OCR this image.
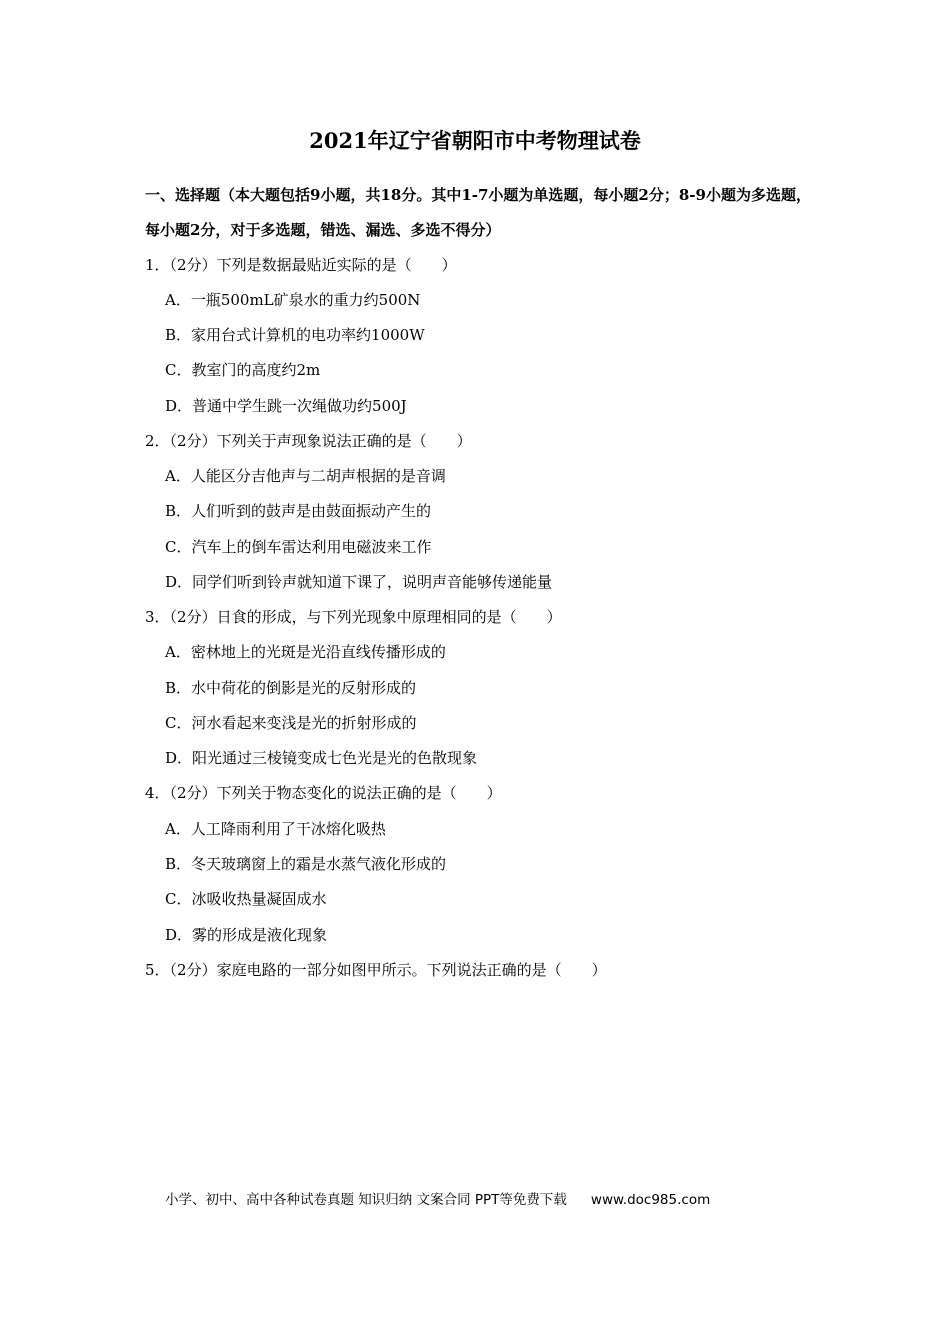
2021年辽宁省朝阳市中考物理试卷
一、选择题（本大题包括9小题，共18分。其中1-7小题为单选题，每小题2分；8-9小题为多选题，每小题2分，对于多选题，错选、漏选、多选不得分）
1．（2分）下列是数据最贴近实际的是（　　）
A．一瓶500mL矿泉水的重力约500N
B．家用台式计算机的电功率约1000W
C．教室门的高度约2m
D．普通中学生跳一次绳做功约500J
2．（2分）下列关于声现象说法正确的是（　　）
A．人能区分吉他声与二胡声根据的是音调
B．人们听到的鼓声是由鼓面振动产生的
C．汽车上的倒车雷达利用电磁波来工作
D．同学们听到铃声就知道下课了，说明声音能够传递能量
3．（2分）日食的形成，与下列光现象中原理相同的是（　　）
A．密林地上的光斑是光沿直线传播形成的
B．水中荷花的倒影是光的反射形成的
C．河水看起来变浅是光的折射形成的
D．阳光通过三棱镜变成七色光是光的色散现象
4．（2分）下列关于物态变化的说法正确的是（　　）
A．人工降雨利用了干冰熔化吸热
B．冬天玻璃窗上的霜是水蒸气液化形成的
C．冰吸收热量凝固成水
D．雾的形成是液化现象
5．（2分）家庭电路的一部分如图甲所示。下列说法正确的是（　　）
小学、初中、高中各种试卷真题 知识归纳 文案合同 PPT等免费下载 www.doc985.com
